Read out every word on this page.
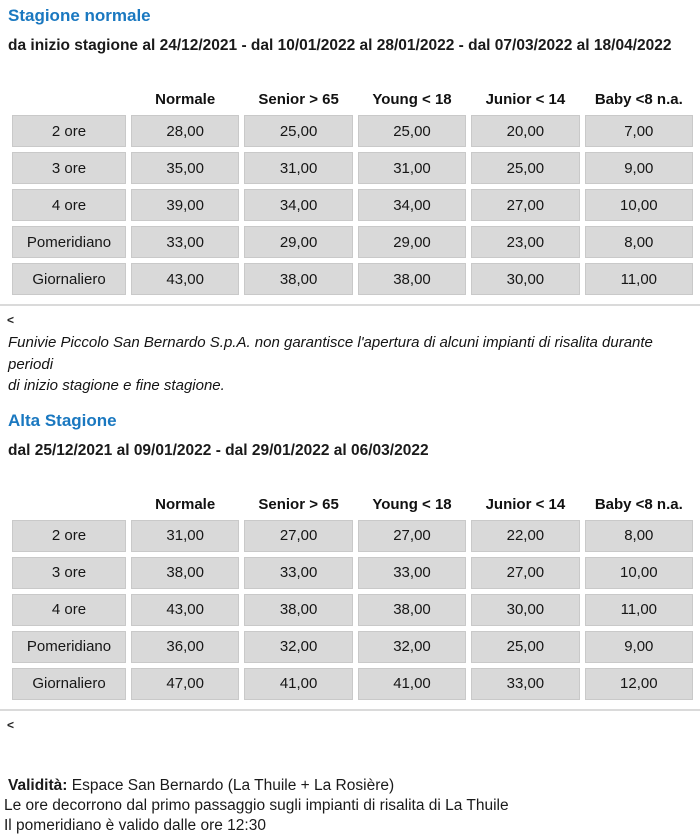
Stagione normale

da inizio stagione al 24/12/2021 - dal 10/01/2022 al 28/01/2022 - dal 07/03/2022 al 18/04/2022

Normale	Senior > 65	Young < 18	Junior < 14	Baby <8 n.a.
2 ore	28,00	25,00	25,00	20,00	7,00
3 ore	35,00	31,00	31,00	25,00	9,00
4 ore	39,00	34,00	34,00	27,00	10,00
Pomeridiano	33,00	29,00	29,00	23,00	8,00
Giornaliero	43,00	38,00	38,00	30,00	11,00
<
Funivie Piccolo San Bernardo S.p.A. non garantisce l'apertura di alcuni impianti di risalita durante  periodi
di inizio stagione e fine stagione.
Alta Stagione

dal 25/12/2021 al 09/01/2022 - dal 29/01/2022 al 06/03/2022

Normale	Senior > 65	Young < 18	Junior < 14	Baby <8 n.a.
2 ore	31,00	27,00	27,00	22,00	8,00
3 ore	38,00	33,00	33,00	27,00	10,00
4 ore	43,00	38,00	38,00	30,00	11,00
Pomeridiano	36,00	32,00	32,00	25,00	9,00
Giornaliero	47,00	41,00	41,00	33,00	12,00
<
Validità: Espace San Bernardo (La Thuile + La Rosière)
Le ore decorrono dal primo passaggio sugli impianti di risalita di La Thuile
Il pomeridiano è valido dalle ore 12:30
